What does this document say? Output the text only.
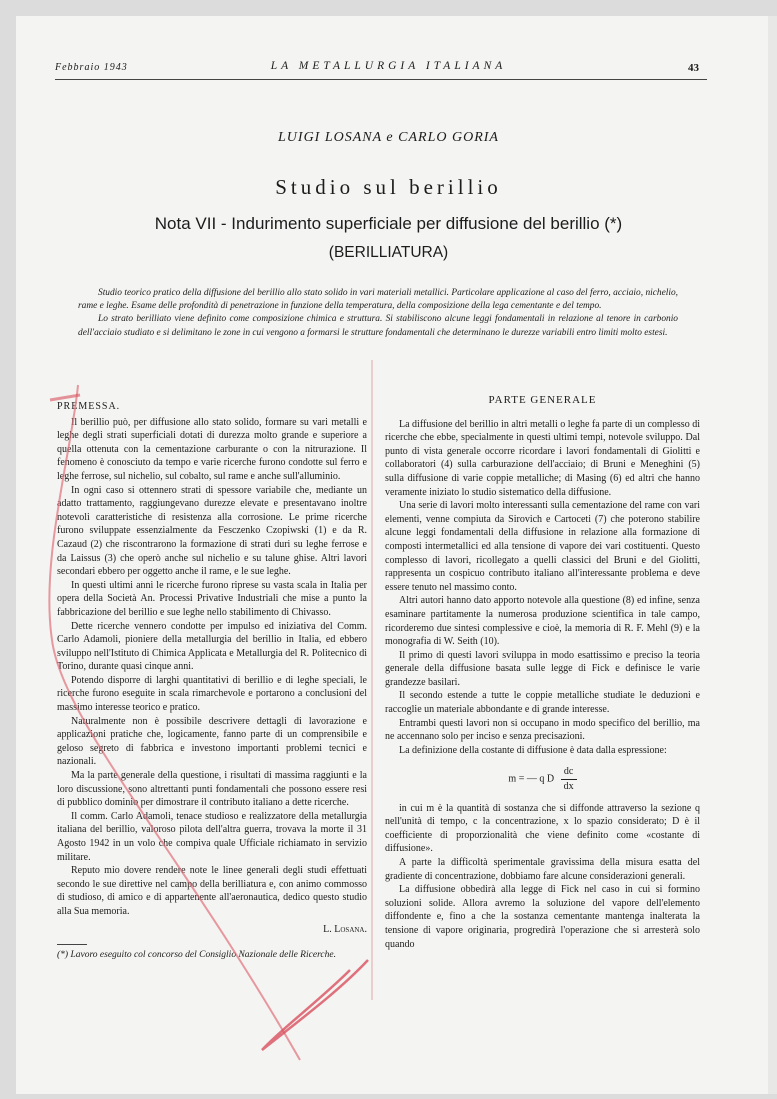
Febbraio 1943	LA METALLURGIA ITALIANA	43
LUIGI LOSANA e CARLO GORIA
Studio sul berillio
Nota VII - Indurimento superficiale per diffusione del berillio (*)
(BERILLIATURA)

Studio teorico pratico della diffusione del berillio allo stato solido in vari materiali metallici. Particolare applicazione al caso del ferro, acciaio, nichelio, rame e leghe. Esame delle profondità di penetrazione in funzione della temperatura, della composizione della lega cementante e del tempo.

Lo strato berilliato viene definito come composizione chimica e struttura. Si stabiliscono alcune leggi fondamentali in relazione al tenore in carbonio dell'acciaio studiato e si delimitano le zone in cui vengono a formarsi le strutture fondamentali che determinano le durezze variabili entro limiti molto estesi.

PREMESSA.

Il berillio può, per diffusione allo stato solido, formare su vari metalli e leghe degli strati superficiali dotati di durezza molto grande e superiore a quella ottenuta con la cementazione carburante o con la nitrurazione. Il fenomeno è conosciuto da tempo e varie ricerche furono condotte sul ferro e leghe ferrose, sul nichelio, sul cobalto, sul rame e anche sull'alluminio.

In ogni caso si ottennero strati di spessore variabile che, mediante un adatto trattamento, raggiungevano durezze elevate e presentavano inoltre notevoli caratteristiche di resistenza alla corrosione. Le prime ricerche furono sviluppate essenzialmente da Fesczenko Czopiwski (1) e da R. Cazaud (2) che riscontrarono la formazione di strati duri su leghe ferrose e da Laissus (3) che operò anche sul nichelio e su talune ghise. Altri lavori secondari ebbero per oggetto anche il rame, e le sue leghe.

In questi ultimi anni le ricerche furono riprese su vasta scala in Italia per opera della Società An. Processi Privative Industriali che mise a punto la fabbricazione del berillio e sue leghe nello stabilimento di Chivasso.

Dette ricerche vennero condotte per impulso ed iniziativa del Comm. Carlo Adamoli, pioniere della metallurgia del berillio in Italia, ed ebbero sviluppo nell'Istituto di Chimica Applicata e Metallurgia del R. Politecnico di Torino, durante quasi cinque anni.

Potendo disporre di larghi quantitativi di berillio e di leghe speciali, le ricerche furono eseguite in scala rimarchevole e portarono a conclusioni del massimo interesse teorico e pratico.

Naturalmente non è possibile descrivere dettagli di lavorazione e applicazioni pratiche che, logicamente, fanno parte di un comprensibile e geloso segreto di fabbrica e investono importanti problemi tecnici e nazionali.

Ma la parte generale della questione, i risultati di massima raggiunti e la loro discussione, sono altrettanti punti fondamentali che possono essere resi di pubblico dominio per dimostrare il contributo italiano a dette ricerche.

Il comm. Carlo Adamoli, tenace studioso e realizzatore della metallurgia italiana del berillio, valoroso pilota dell'altra guerra, trovava la morte il 31 Agosto 1942 in un volo che compiva quale Ufficiale richiamato in servizio militare.

Reputo mio dovere rendere note le linee generali degli studi effettuati secondo le sue direttive nel campo della berilliatura e, con animo commosso di studioso, di amico e di appartenente all'aeronautica, dedico questo studio alla Sua memoria.

L. Losana.
(*) Lavoro eseguito col concorso del Consiglio Nazionale delle Ricerche.
PARTE GENERALE

La diffusione del berillio in altri metalli o leghe fa parte di un complesso di ricerche che ebbe, specialmente in questi ultimi tempi, notevole sviluppo. Dal punto di vista generale occorre ricordare i lavori fondamentali di Giolitti e collaboratori (4) sulla carburazione dell'acciaio; di Bruni e Meneghini (5) sulla diffusione di varie coppie metalliche; di Masing (6) ed altri che hanno veramente iniziato lo studio sistematico della diffusione.

Una serie di lavori molto interessanti sulla cementazione del rame con vari elementi, venne compiuta da Sirovich e Cartoceti (7) che poterono stabilire alcune leggi fondamentali della diffusione in relazione alla formazione di composti intermetallici ed alla tensione di vapore dei vari costituenti. Questo complesso di lavori, ricollegato a quelli classici del Bruni e del Giolitti, rappresenta un cospicuo contributo italiano all'interessante problema e deve essere tenuto nel massimo conto.

Altri autori hanno dato apporto notevole alla questione (8) ed infine, senza esaminare partitamente la numerosa produzione scientifica in tale campo, ricorderemo due sintesi complessive e cioè, la memoria di R. F. Mehl (9) e la monografia di W. Seith (10).

Il primo di questi lavori sviluppa in modo esattissimo e preciso la teoria generale della diffusione basata sulle legge di Fick e definisce le varie grandezze basilari.

Il secondo estende a tutte le coppie metalliche studiate le deduzioni e raccoglie un materiale abbondante e di grande interesse.

Entrambi questi lavori non si occupano in modo specifico del berillio, ma ne accennano solo per inciso e senza precisazioni.

La definizione della costante di diffusione è data dalla espressione:

m = — q D $\frac{dc}{dx}$

in cui m è la quantità di sostanza che si diffonde attraverso la sezione q nell'unità di tempo, c la concentrazione, x lo spazio considerato; D è il coefficiente di proporzionalità che viene definito come «costante di diffusione».

A parte la difficoltà sperimentale gravissima della misura esatta del gradiente di concentrazione, dobbiamo fare alcune considerazioni generali.

La diffusione obbedirà alla legge di Fick nel caso in cui si formino soluzioni solide. Allora avremo la soluzione del vapore dell'elemento diffondente e, fino a che la sostanza cementante mantenga inalterata la tensione di vapore originaria, progredirà l'operazione che si arresterà solo quando
